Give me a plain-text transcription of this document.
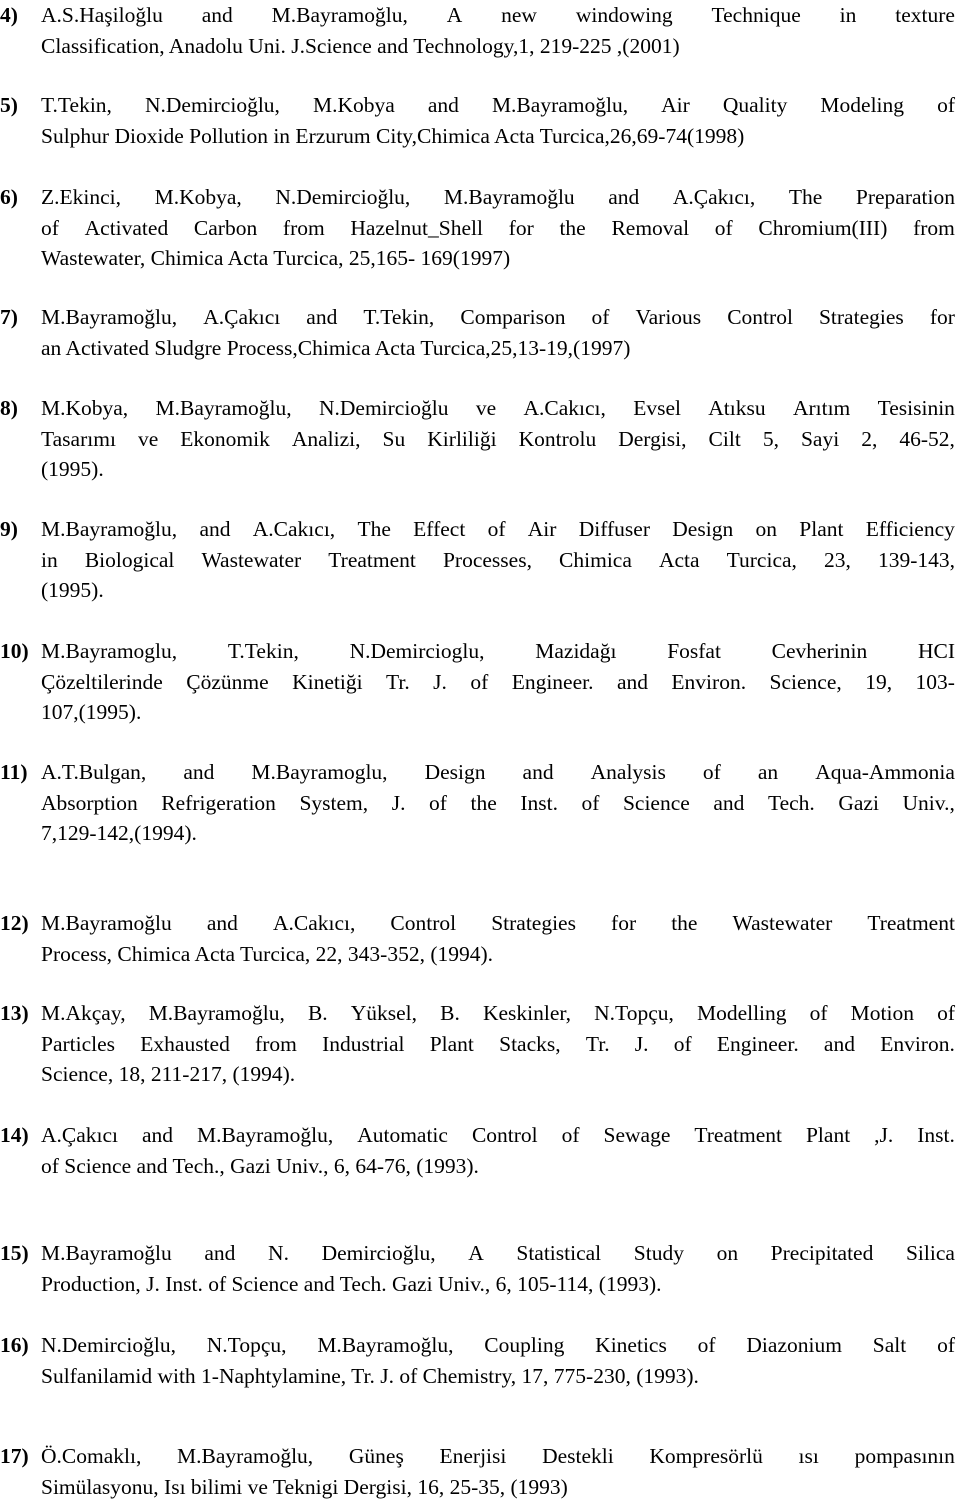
4) A.S.Haşiloğlu and M.Bayramoğlu, A new windowing Technique in texture
Classification, Anadolu Uni. J.Science and Technology,1, 219-225 ,(2001)
5) T.Tekin, N.Demircioğlu, M.Kobya and M.Bayramoğlu, Air Quality Modeling of
Sulphur Dioxide Pollution in Erzurum City,Chimica Acta Turcica,26,69-74(1998)
6) Z.Ekinci, M.Kobya, N.Demircioğlu, M.Bayramoğlu and A.Çakıcı, The Preparation
of Activated Carbon from Hazelnut_Shell for the Removal of Chromium(III) from
Wastewater, Chimica Acta Turcica, 25,165- 169(1997)
7) M.Bayramoğlu, A.Çakıcı and T.Tekin, Comparison of Various Control Strategies for
an Activated Sludgre Process,Chimica Acta Turcica,25,13-19,(1997)
8) M.Kobya, M.Bayramoğlu, N.Demircioğlu ve A.Cakıcı, Evsel Atıksu Arıtım Tesisinin
Tasarımı ve Ekonomik Analizi, Su Kirliliği Kontrolu Dergisi, Cilt 5, Sayi 2, 46-52,
(1995).
9) M.Bayramoğlu, and A.Cakıcı, The Effect of Air Diffuser Design on Plant Efficiency
in Biological Wastewater Treatment Processes, Chimica Acta Turcica, 23, 139-143,
(1995).
10) M.Bayramoglu, T.Tekin, N.Demircioglu, Mazidağı Fosfat Cevherinin HCI
Çözeltilerinde Çözünme Kinetiği Tr. J. of Engineer. and Environ. Science, 19, 103-
107,(1995).
11) A.T.Bulgan, and M.Bayramoglu, Design and Analysis of an Aqua-Ammonia
Absorption Refrigeration System, J. of the Inst. of Science and Tech. Gazi Univ.,
7,129-142,(1994).
12) M.Bayramoğlu and A.Cakıcı, Control Strategies for the Wastewater Treatment
Process, Chimica Acta Turcica, 22, 343-352, (1994).
13) M.Akçay, M.Bayramoğlu, B. Yüksel, B. Keskinler, N.Topçu, Modelling of Motion of
Particles Exhausted from Industrial Plant Stacks, Tr. J. of Engineer. and Environ.
Science, 18, 211-217, (1994).
14) A.Çakıcı and M.Bayramoğlu, Automatic Control of Sewage Treatment Plant ,J. Inst.
of Science and Tech., Gazi Univ., 6, 64-76, (1993).
15) M.Bayramoğlu and N. Demircioğlu, A Statistical Study on Precipitated Silica
Production, J. Inst. of Science and Tech. Gazi Univ., 6, 105-114, (1993).
16) N.Demircioğlu, N.Topçu, M.Bayramoğlu, Coupling Kinetics of Diazonium Salt of
Sulfanilamid with 1-Naphtylamine, Tr. J. of Chemistry, 17, 775-230, (1993).
17) Ö.Comaklı, M.Bayramoğlu, Güneş Enerjisi Destekli Kompresörlü ısı pompasının
Simülasyonu, Isı bilimi ve Teknigi Dergisi, 16, 25-35, (1993)
